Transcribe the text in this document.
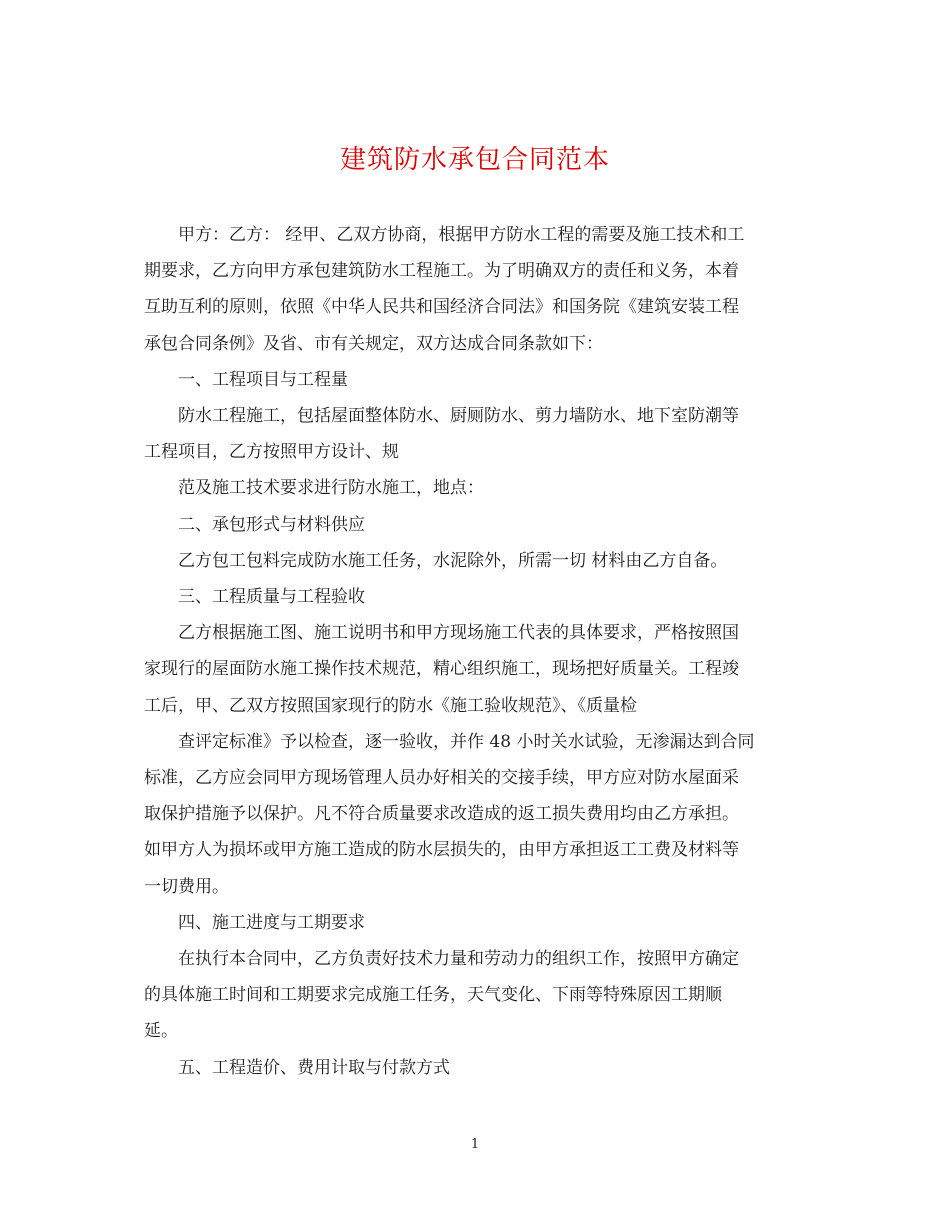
建筑防水承包合同范本

甲方：乙方： 经甲、乙双方协商，根据甲方防水工程的需要及施工技术和工

期要求，乙方向甲方承包建筑防水工程施工。为了明确双方的责任和义务，本着

互助互利的原则，依照《中华人民共和国经济合同法》和国务院《建筑安装工程

承包合同条例》及省、市有关规定，双方达成合同条款如下：

一、工程项目与工程量

防水工程施工，包括屋面整体防水、厨厕防水、剪力墙防水、地下室防潮等

工程项目，乙方按照甲方设计、规

范及施工技术要求进行防水施工，地点：

二、承包形式与材料供应

乙方包工包料完成防水施工任务，水泥除外，所需一切 材料由乙方自备。

三、工程质量与工程验收

乙方根据施工图、施工说明书和甲方现场施工代表的具体要求，严格按照国

家现行的屋面防水施工操作技术规范，精心组织施工，现场把好质量关。工程竣

工后，甲、乙双方按照国家现行的防水《施工验收规范》、《质量检

查评定标准》予以检查，逐一验收，并作 48 小时关水试验，无渗漏达到合同

标准，乙方应会同甲方现场管理人员办好相关的交接手续，甲方应对防水屋面采

取保护措施予以保护。凡不符合质量要求改造成的返工损失费用均由乙方承担。

如甲方人为损坏或甲方施工造成的防水层损失的，由甲方承担返工工费及材料等

一切费用。

四、施工进度与工期要求

在执行本合同中，乙方负责好技术力量和劳动力的组织工作，按照甲方确定

的具体施工时间和工期要求完成施工任务，天气变化、下雨等特殊原因工期顺

延。

五、工程造价、费用计取与付款方式

1
